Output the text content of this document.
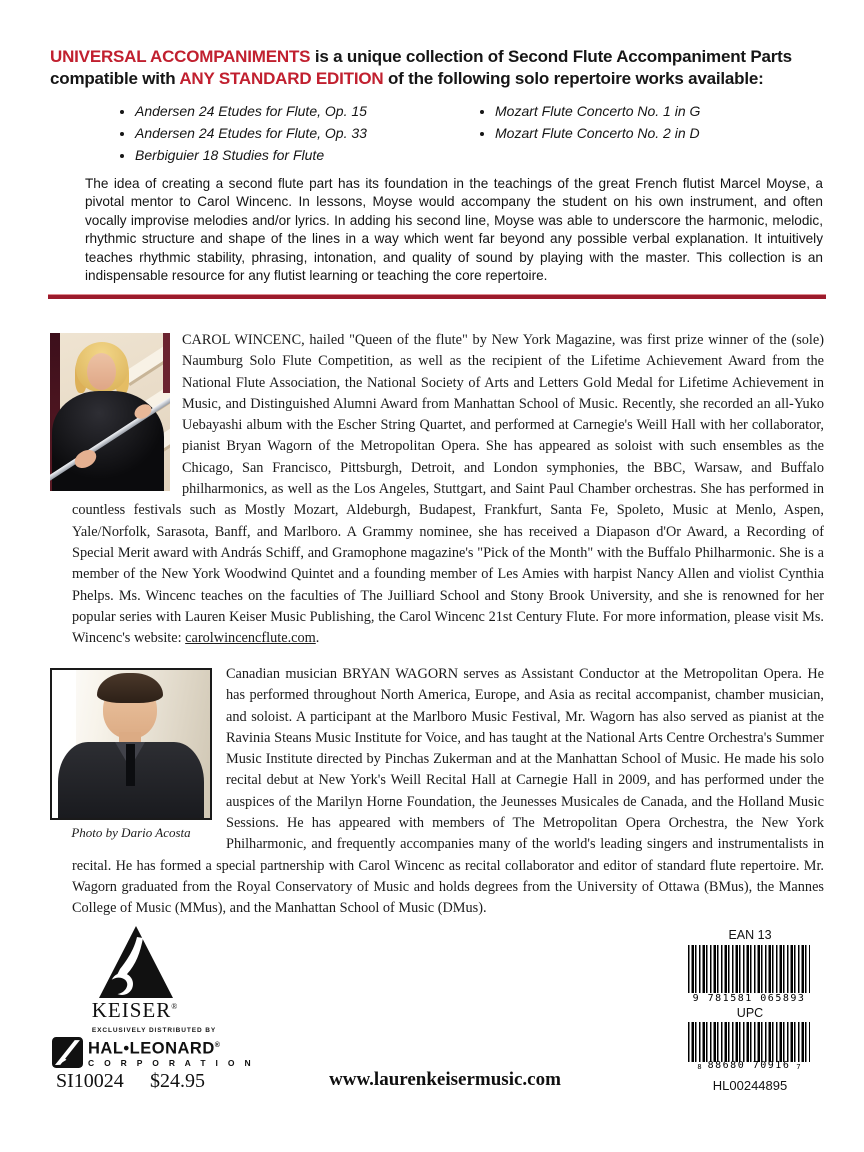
UNIVERSAL ACCOMPANIMENTS is a unique collection of Second Flute Accompaniment Parts
compatible with ANY STANDARD EDITION of the following solo repertoire works available:
• Andersen 24 Etudes for Flute, Op. 15
• Andersen 24 Etudes for Flute, Op. 33
• Berbiguier 18 Studies for Flute
• Mozart Flute Concerto No. 1 in G
• Mozart Flute Concerto No. 2 in D

The idea of creating a second flute part has its foundation in the teachings of the great French flutist Marcel Moyse, a pivotal mentor to Carol Wincenc. In lessons, Moyse would accompany the student on his own instrument, and often vocally improvise melodies and/or lyrics. In adding his second line, Moyse was able to underscore the harmonic, melodic, rhythmic structure and shape of the lines in a way which went far beyond any possible verbal explanation. It intuitively teaches rhythmic stability, phrasing, intonation, and quality of sound by playing with the master. This collection is an indispensable resource for any flutist learning or teaching the core repertoire.

CAROL WINCENC, hailed "Queen of the flute" by New York Magazine, was first prize winner of the (sole) Naumburg Solo Flute Competition, as well as the recipient of the Lifetime Achievement Award from the National Flute Association, the National Society of Arts and Letters Gold Medal for Lifetime Achievement in Music, and Distinguished Alumni Award from Manhattan School of Music. Recently, she recorded an all-Yuko Uebayashi album with the Escher String Quartet, and performed at Carnegie's Weill Hall with her collaborator, pianist Bryan Wagorn of the Metropolitan Opera. She has appeared as soloist with such ensembles as the Chicago, San Francisco, Pittsburgh, Detroit, and London symphonies, the BBC, Warsaw, and Buffalo philharmonics, as well as the Los Angeles, Stuttgart, and Saint Paul Chamber orchestras. She has performed in countless festivals such as Mostly Mozart, Aldeburgh, Budapest, Frankfurt, Santa Fe, Spoleto, Music at Menlo, Aspen, Yale/Norfolk, Sarasota, Banff, and Marlboro. A Grammy nominee, she has received a Diapason d'Or Award, a Recording of Special Merit award with András Schiff, and Gramophone magazine's "Pick of the Month" with the Buffalo Philharmonic. She is a member of the New York Woodwind Quintet and a founding member of Les Amies with harpist Nancy Allen and violist Cynthia Phelps. Ms. Wincenc teaches on the faculties of The Juilliard School and Stony Brook University, and she is renowned for her popular series with Lauren Keiser Music Publishing, the Carol Wincenc 21st Century Flute. For more information, please visit Ms. Wincenc's website: carolwincencflute.com.

Photo by Dario Acosta

Canadian musician BRYAN WAGORN serves as Assistant Conductor at the Metropolitan Opera. He has performed throughout North America, Europe, and Asia as recital accompanist, chamber musician, and soloist. A participant at the Marlboro Music Festival, Mr. Wagorn has also served as pianist at the Ravinia Steans Music Institute for Voice, and has taught at the National Arts Centre Orchestra's Summer Music Institute directed by Pinchas Zukerman and at the Manhattan School of Music. He made his solo recital debut at New York's Weill Recital Hall at Carnegie Hall in 2009, and has performed under the auspices of the Marilyn Horne Foundation, the Jeunesses Musicales de Canada, and the Holland Music Sessions. He has appeared with members of The Metropolitan Opera Orchestra, the New York Philharmonic, and frequently accompanies many of the world's leading singers and instrumentalists in recital. He has formed a special partnership with Carol Wincenc as recital collaborator and editor of standard flute repertoire. Mr. Wagorn graduated from the Royal Conservatory of Music and holds degrees from the University of Ottawa (BMus), the Mannes College of Music (MMus), and the Manhattan School of Music (DMus).

KEISER®
EXCLUSIVELY DISTRIBUTED BY
HAL•LEONARD®
C O R P O R A T I O N
SI10024 $24.95	www.laurenkeisermusic.com
EAN 13
9 781581 065893
UPC
8 88680 70916 7
HL00244895
